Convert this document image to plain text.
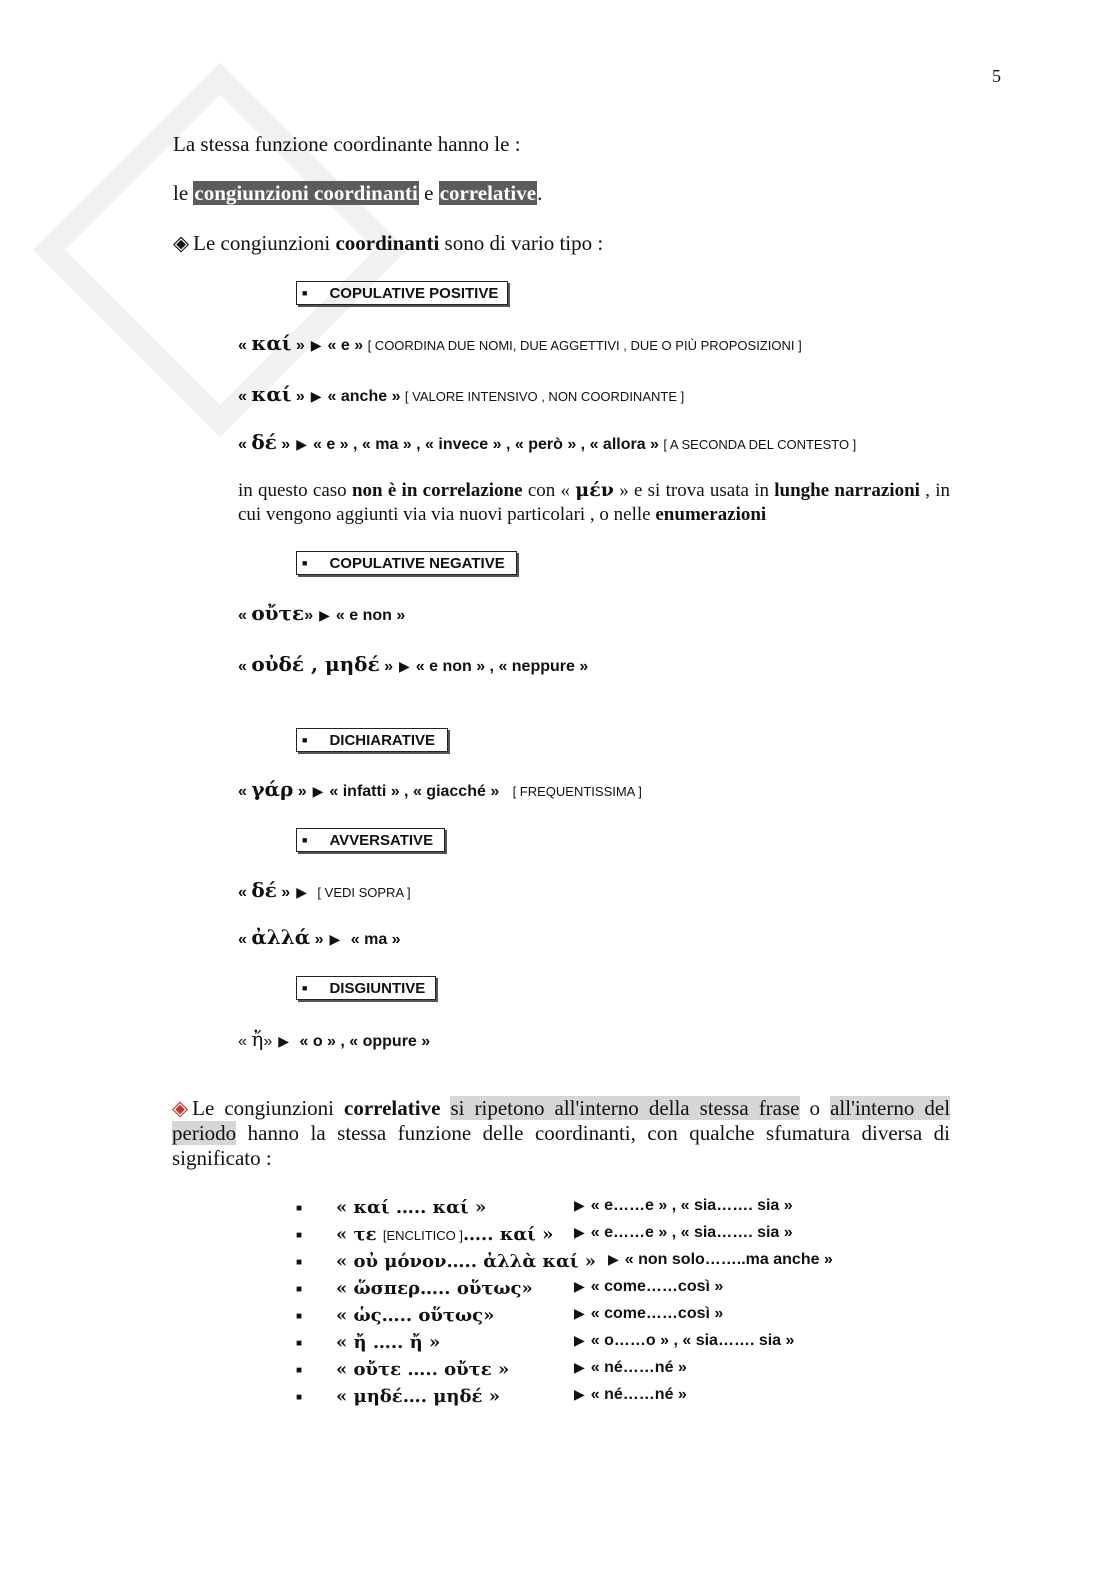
5
La stessa funzione coordinante hanno le :
le congiunzioni coordinanti e correlative.
◈ Le congiunzioni coordinanti sono di vario tipo :
■ COPULATIVE POSITIVE
« καί » ▶ « e » [ COORDINA DUE NOMI, DUE AGGETTIVI , DUE O PIÙ PROPOSIZIONI ]
« καί » ▶ « anche » [ VALORE INTENSIVO , NON COORDINANTE ]
« δέ » ▶ « e » , « ma » , « invece » , « però » , « allora » [ A SECONDA DEL CONTESTO ]
in questo caso non è in correlazione con « μέν » e si trova usata in lunghe narrazioni , in cui vengono aggiunti via via nuovi particolari , o nelle enumerazioni
■ COPULATIVE NEGATIVE
« οὔτε» ▶ « e non »
« οὐδέ , μηδέ » ▶ « e non » , « neppure »
■ DICHIARATIVE
« γάρ » ▶ « infatti » , « giacché » [ FREQUENTISSIMA ]
■ AVVERSATIVE
« δέ » ▶ [ VEDI SOPRA ]
« ἀλλά » ▶ « ma »
■ DISGIUNTIVE
« ἤ» ▶ « o » , « oppure »
◈ Le congiunzioni correlative si ripetono all'interno della stessa frase o all'interno del periodo hanno la stessa funzione delle coordinanti, con qualche sfumatura diversa di significato :
■ « καί ….. καί »	▶ « e……e » , « sia……. sia »
■ « τε [ENCLITICO ]….. καί »	▶ « e……e » , « sia……. sia »
■ « οὐ μόνον….. ἀλλὰ καί » ▶ « non solo……..ma anche »
■ « ὥσπερ….. οὕτως»	▶ « come……così »
■ « ὡς….. οὕτως»	▶ « come……così »
■ « ἤ ….. ἤ »	▶ « o……o » , « sia……. sia »
■ « οὔτε ….. οὔτε »	▶ « né……né »
■ « μηδέ…. μηδέ »	▶ « né……né »
